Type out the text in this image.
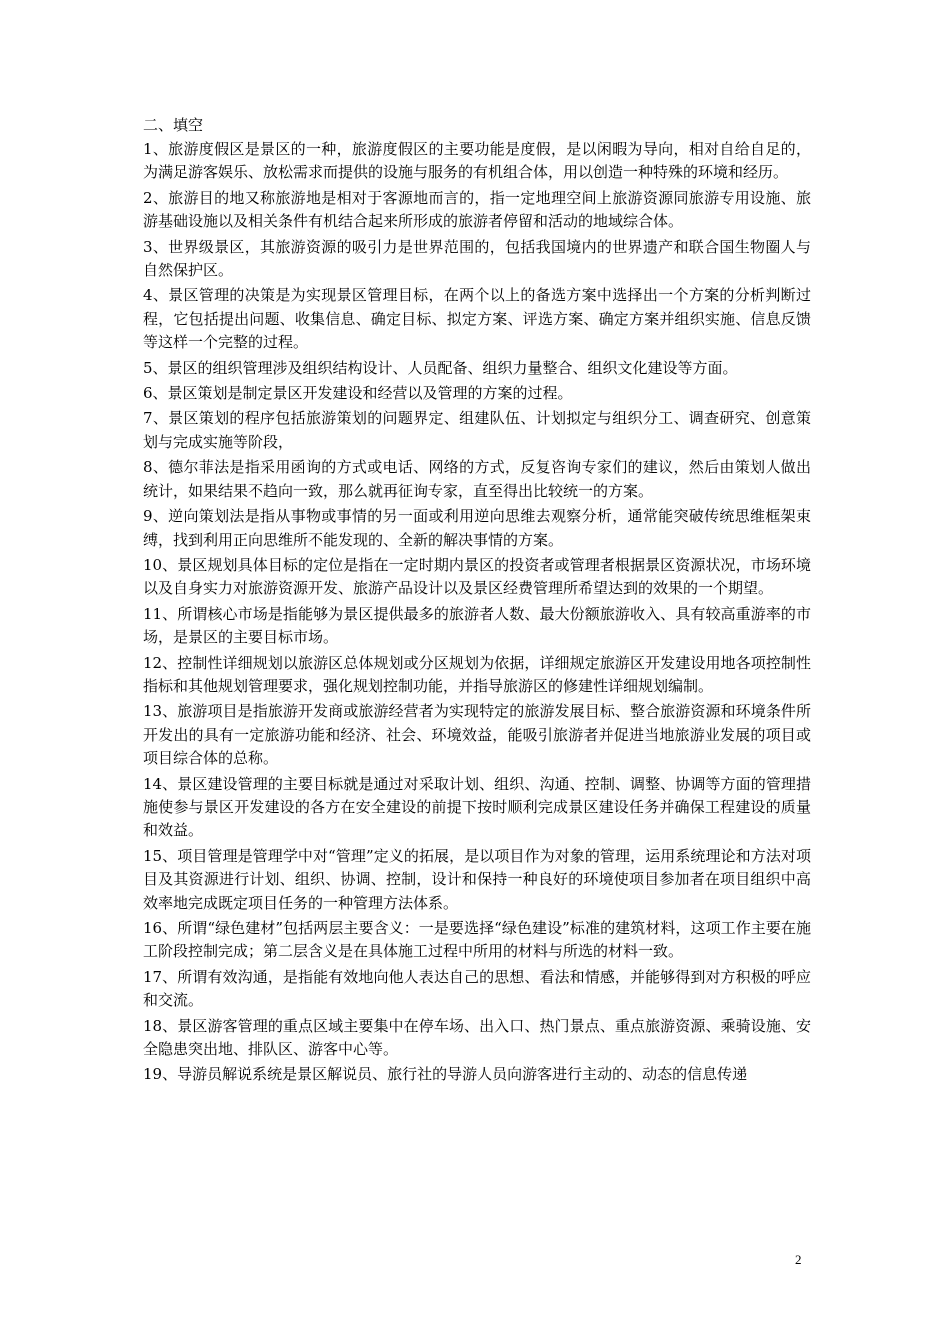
二、填空

1、旅游度假区是景区的一种，旅游度假区的主要功能是度假，是以闲暇为导向，相对自给自足的，为满足游客娱乐、放松需求而提供的设施与服务的有机组合体，用以创造一种特殊的环境和经历。

2、旅游目的地又称旅游地是相对于客源地而言的，指一定地理空间上旅游资源同旅游专用设施、旅游基础设施以及相关条件有机结合起来所形成的旅游者停留和活动的地域综合体。

3、世界级景区，其旅游资源的吸引力是世界范围的，包括我国境内的世界遗产和联合国生物圈人与自然保护区。

4、景区管理的决策是为实现景区管理目标，在两个以上的备选方案中选择出一个方案的分析判断过程，它包括提出问题、收集信息、确定目标、拟定方案、评选方案、确定方案并组织实施、信息反馈等这样一个完整的过程。

5、景区的组织管理涉及组织结构设计、人员配备、组织力量整合、组织文化建设等方面。

6、景区策划是制定景区开发建设和经营以及管理的方案的过程。

7、景区策划的程序包括旅游策划的问题界定、组建队伍、计划拟定与组织分工、调查研究、创意策划与完成实施等阶段，

8、德尔菲法是指采用函询的方式或电话、网络的方式，反复咨询专家们的建议，然后由策划人做出统计，如果结果不趋向一致，那么就再征询专家，直至得出比较统一的方案。

9、逆向策划法是指从事物或事情的另一面或利用逆向思维去观察分析，通常能突破传统思维框架束缚，找到利用正向思维所不能发现的、全新的解决事情的方案。

10、景区规划具体目标的定位是指在一定时期内景区的投资者或管理者根据景区资源状况，市场环境以及自身实力对旅游资源开发、旅游产品设计以及景区经费管理所希望达到的效果的一个期望。

11、所谓核心市场是指能够为景区提供最多的旅游者人数、最大份额旅游收入、具有较高重游率的市场，是景区的主要目标市场。

12、控制性详细规划以旅游区总体规划或分区规划为依据，详细规定旅游区开发建设用地各项控制性指标和其他规划管理要求，强化规划控制功能，并指导旅游区的修建性详细规划编制。

13、旅游项目是指旅游开发商或旅游经营者为实现特定的旅游发展目标、整合旅游资源和环境条件所开发出的具有一定旅游功能和经济、社会、环境效益，能吸引旅游者并促进当地旅游业发展的项目或项目综合体的总称。

14、景区建设管理的主要目标就是通过对采取计划、组织、沟通、控制、调整、协调等方面的管理措施使参与景区开发建设的各方在安全建设的前提下按时顺利完成景区建设任务并确保工程建设的质量和效益。

15、项目管理是管理学中对“管理”定义的拓展，是以项目作为对象的管理，运用系统理论和方法对项目及其资源进行计划、组织、协调、控制，设计和保持一种良好的环境使项目参加者在项目组织中高效率地完成既定项目任务的一种管理方法体系。

16、所谓“绿色建材”包括两层主要含义：一是要选择“绿色建设”标准的建筑材料，这项工作主要在施工阶段控制完成；第二层含义是在具体施工过程中所用的材料与所选的材料一致。

17、所谓有效沟通，是指能有效地向他人表达自己的思想、看法和情感，并能够得到对方积极的呼应和交流。

18、景区游客管理的重点区域主要集中在停车场、出入口、热门景点、重点旅游资源、乘骑设施、安全隐患突出地、排队区、游客中心等。

19、导游员解说系统是景区解说员、旅行社的导游人员向游客进行主动的、动态的信息传递

2
